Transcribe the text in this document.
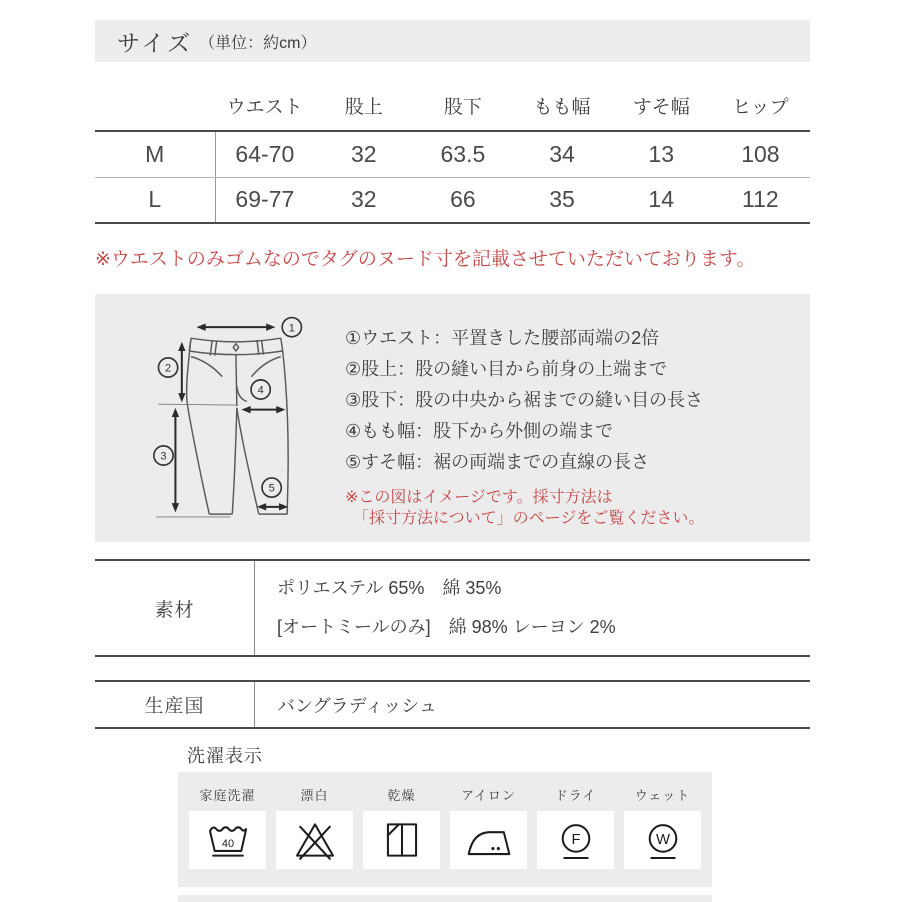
サイズ （単位：約cm）
	ウエスト	股上	股下	もも幅	すそ幅	ヒップ
M	64-70	32	63.5	34	13	108
L	69-77	32	66	35	14	112
※ウエストのみゴムなのでタグのヌード寸を記載させていただいております。
1
2
3
4
5
①ウエスト：平置きした腰部両端の2倍
②股上：股の縫い目から前身の上端まで
③股下：股の中央から裾までの縫い目の長さ
④もも幅：股下から外側の端まで
⑤すそ幅：裾の両端までの直線の長さ
※この図はイメージです。採寸方法は
「採寸方法について」のページをご覧ください。
素材
ポリエステル 65%　綿 35%
[オートミールのみ]　綿 98% レーヨン 2%
生産国	バングラディッシュ
洗濯表示
家庭洗濯
40
漂白	乾燥	アイロン	ドライ
F
ウェット
W
